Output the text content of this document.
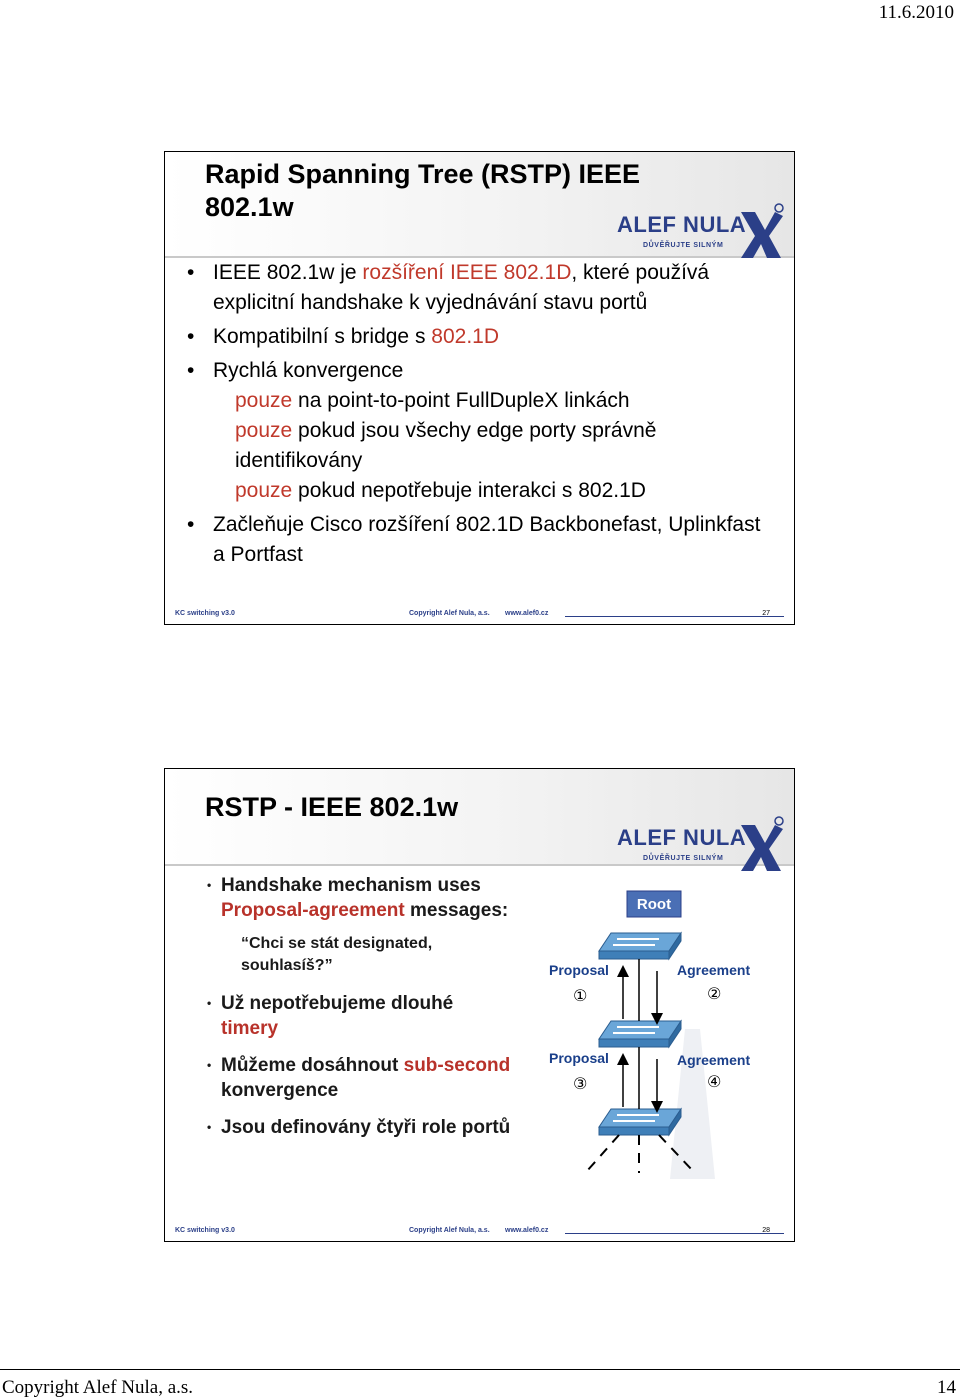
11.6.2010
Rapid Spanning Tree (RSTP) IEEE 802.1w
ALEF NULA
DŮVĚŘUJTE SILNÝM
• IEEE 802.1w je rozšíření IEEE 802.1D, které používá explicitní handshake k vyjednávání stavu portů
• Kompatibilní s bridge s 802.1D
• Rychlá konvergence
pouze na point-to-point FullDupleX linkách
pouze pokud jsou všechy edge porty správně identifikovány
pouze pokud nepotřebuje interakci s 802.1D
• Začleňuje Cisco rozšíření 802.1D Backbonefast, Uplinkfast a Portfast
KC switching v3.0	Copyright Alef Nula, a.s. www.alef0.cz	27
RSTP - IEEE 802.1w
ALEF NULA
DŮVĚŘUJTE SILNÝM
• Handshake mechanism uses Proposal-agreement messages:
“Chci se stát designated, souhlasíš?”
• Už nepotřebujeme dlouhé timery
• Můžeme dosáhnout sub-second konvergence
• Jsou definovány čtyři role portů
Root
Proposal
①
Agreement
②
Proposal
③
Agreement
④
KC switching v3.0	Copyright Alef Nula, a.s. www.alef0.cz	28
Copyright Alef Nula, a.s.	14
